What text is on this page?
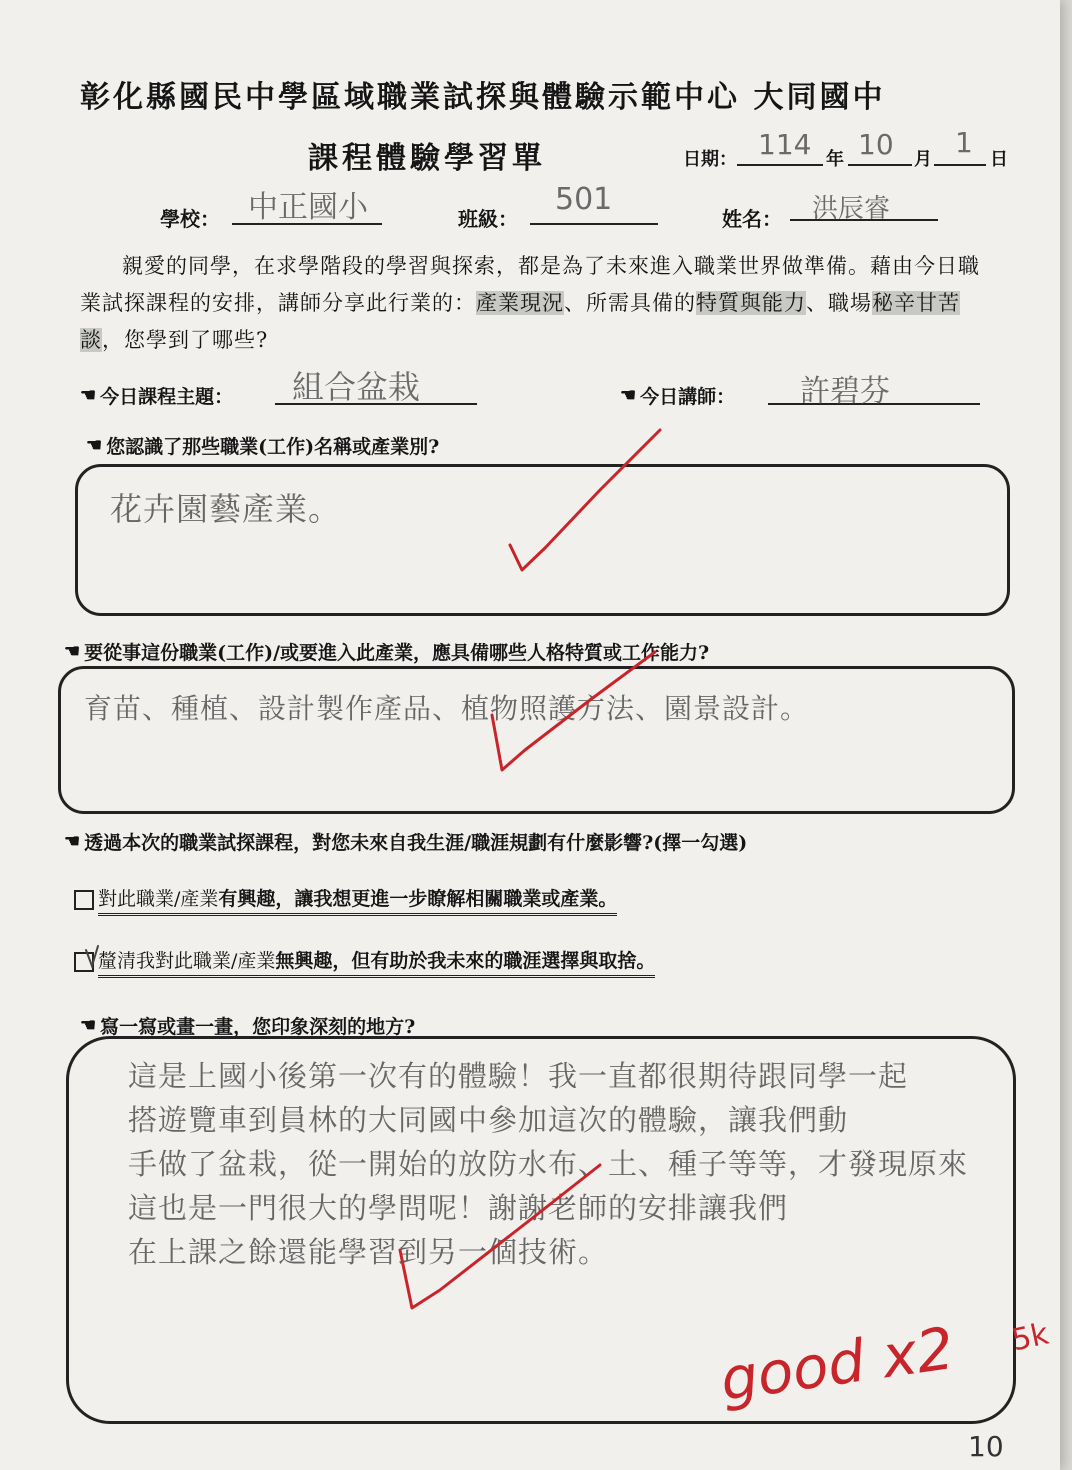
彰化縣國民中學區域職業試探與體驗示範中心 大同國中
課程體驗學習單	日期： 114 年 10 月
1
日
學校： 中正國小	班級：
501
姓名： 洪辰睿
親愛的同學，在求學階段的學習與探索，都是為了未來進入職業世界做準備。藉由今日職業試探課程的安排，講師分享此行業的：產業現況、所需具備的特質與能力、職場秘辛甘苦談，您學到了哪些?
☚ 今日課程主題： 組合盆栽	☚ 今日講師： 許碧芬
☚ 您認識了那些職業(工作)名稱或產業別?
花卉園藝產業。
☚ 要從事這份職業(工作)/或要進入此產業，應具備哪些人格特質或工作能力?
育苗、種植、設計製作產品、植物照護方法、園景設計。
☚ 透過本次的職業試探課程，對您未來自我生涯/職涯規劃有什麼影響?(擇一勾選)
對此職業/產業有興趣，讓我想更進一步瞭解相關職業或產業。
釐清我對此職業/產業無興趣，但有助於我未來的職涯選擇與取捨。
☚ 寫一寫或畫一畫，您印象深刻的地方?
這是上國小後第一次有的體驗！我一直都很期待跟同學一起
搭遊覽車到員林的大同國中參加這次的體驗，讓我們動
手做了盆栽，從一開始的放防水布、土、種子等等，才發現原來
這也是一門很大的學問呢！謝謝老師的安排讓我們
在上課之餘還能學習到另一個技術。
good x2 5k
10
